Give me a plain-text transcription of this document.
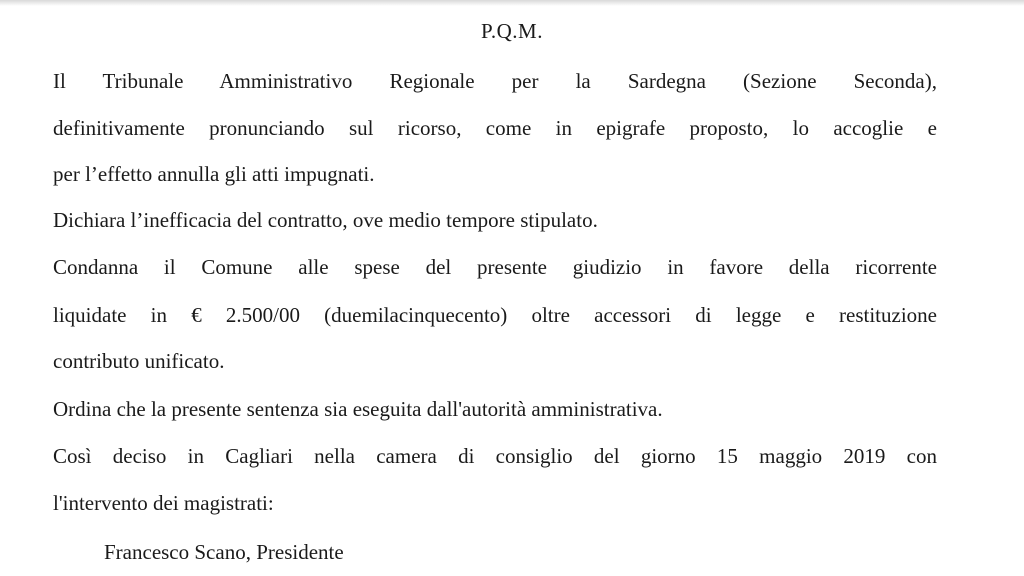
P.Q.M.
Il Tribunale Amministrativo Regionale per la Sardegna (Sezione Seconda),
definitivamente pronunciando sul ricorso, come in epigrafe proposto, lo accoglie e
per l’effetto annulla gli atti impugnati.
Dichiara l’inefficacia del contratto, ove medio tempore stipulato.
Condanna il Comune alle spese del presente giudizio in favore della ricorrente
liquidate in € 2.500/00 (duemilacinquecento) oltre accessori di legge e restituzione
contributo unificato.
Ordina che la presente sentenza sia eseguita dall'autorità amministrativa.
Così deciso in Cagliari nella camera di consiglio del giorno 15 maggio 2019 con
l'intervento dei magistrati:
Francesco Scano, Presidente
